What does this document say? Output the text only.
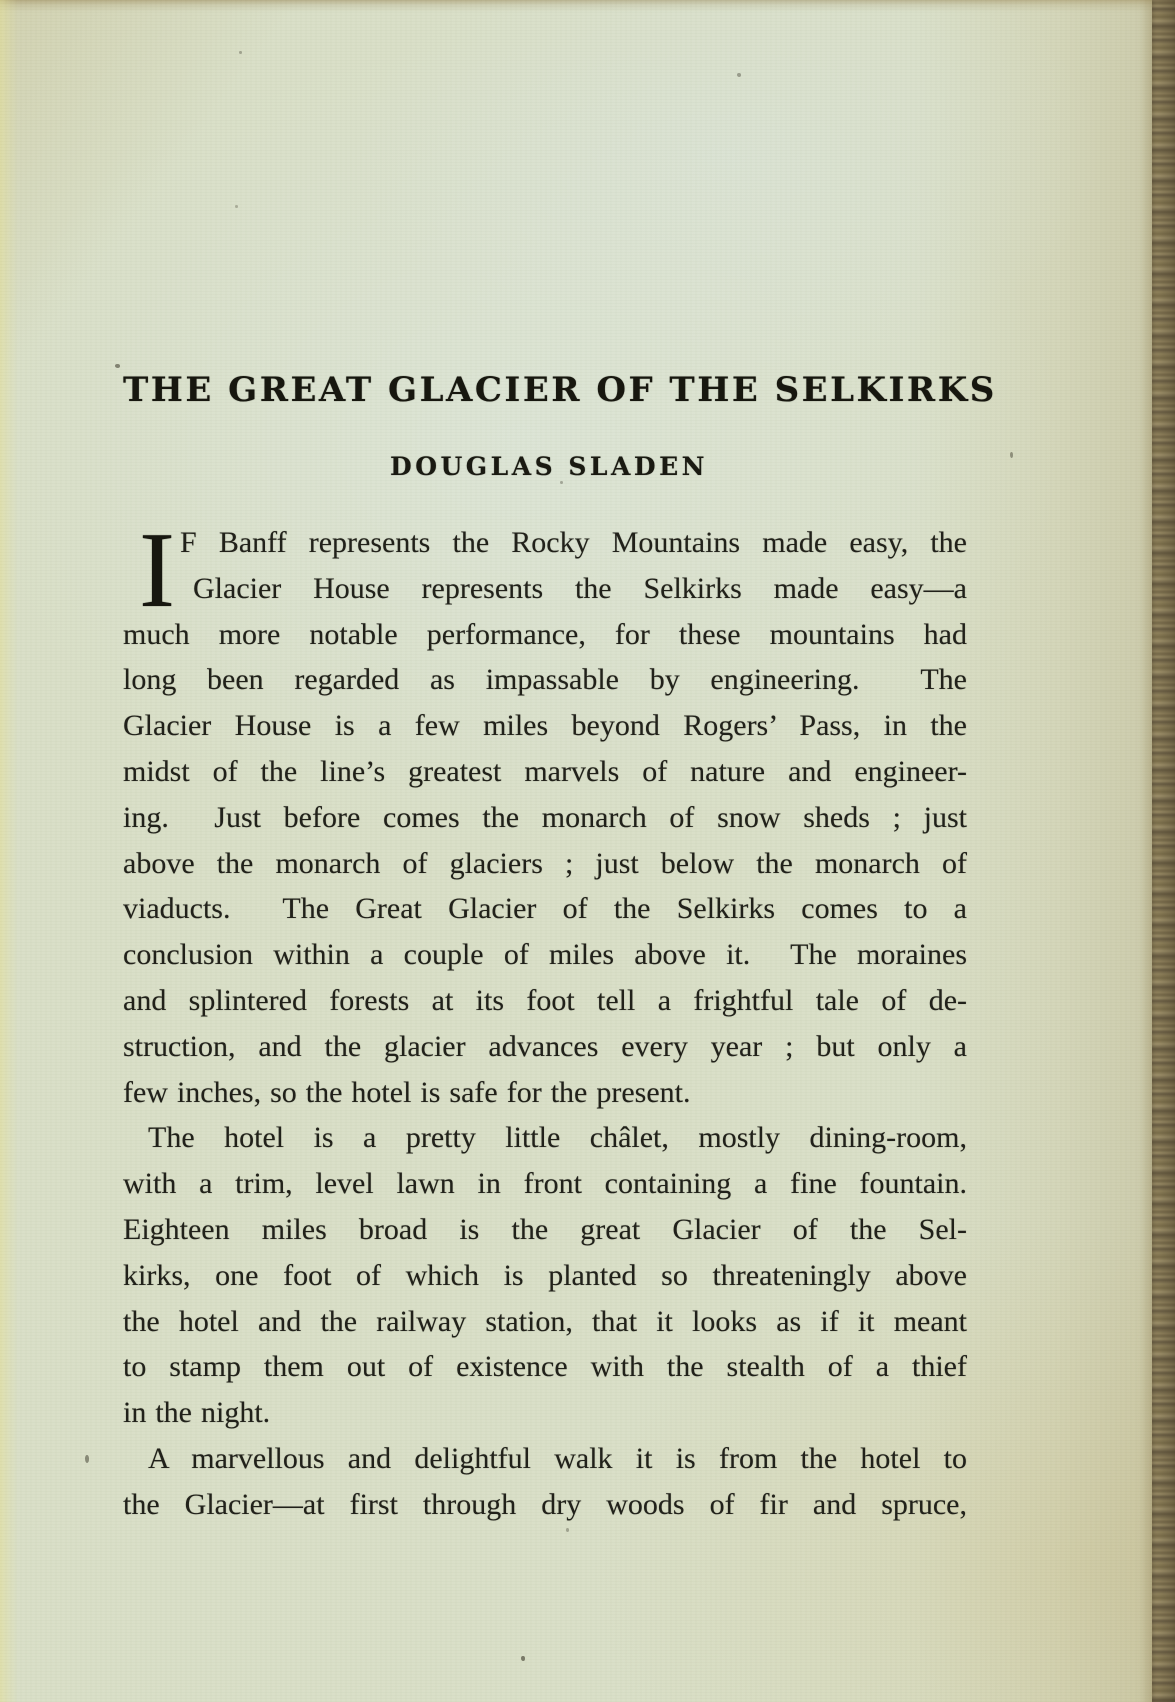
THE GREAT GLACIER OF THE SELKIRKS
DOUGLAS SLADEN
I F Banff represents the Rocky Mountains made easy, the
Glacier House represents the Selkirks made easy—a
much more notable performance, for these mountains had
long been regarded as impassable by engineering.  The
Glacier House is a few miles beyond Rogers’ Pass, in the
midst of the line’s greatest marvels of nature and engineer-
ing.  Just before comes the monarch of snow sheds ; just
above the monarch of glaciers ; just below the monarch of
viaducts.  The Great Glacier of the Selkirks comes to a
conclusion within a couple of miles above it.  The moraines
and splintered forests at its foot tell a frightful tale of de-
struction, and the glacier advances every year ; but only a
few inches, so the hotel is safe for the present.
The hotel is a pretty little châlet, mostly dining-room,
with a trim, level lawn in front containing a fine fountain.
Eighteen miles broad is the great Glacier of the Sel-
kirks, one foot of which is planted so threateningly above
the hotel and the railway station, that it looks as if it meant
to stamp them out of existence with the stealth of a thief
in the night.
A marvellous and delightful walk it is from the hotel to
the Glacier—at first through dry woods of fir and spruce,
